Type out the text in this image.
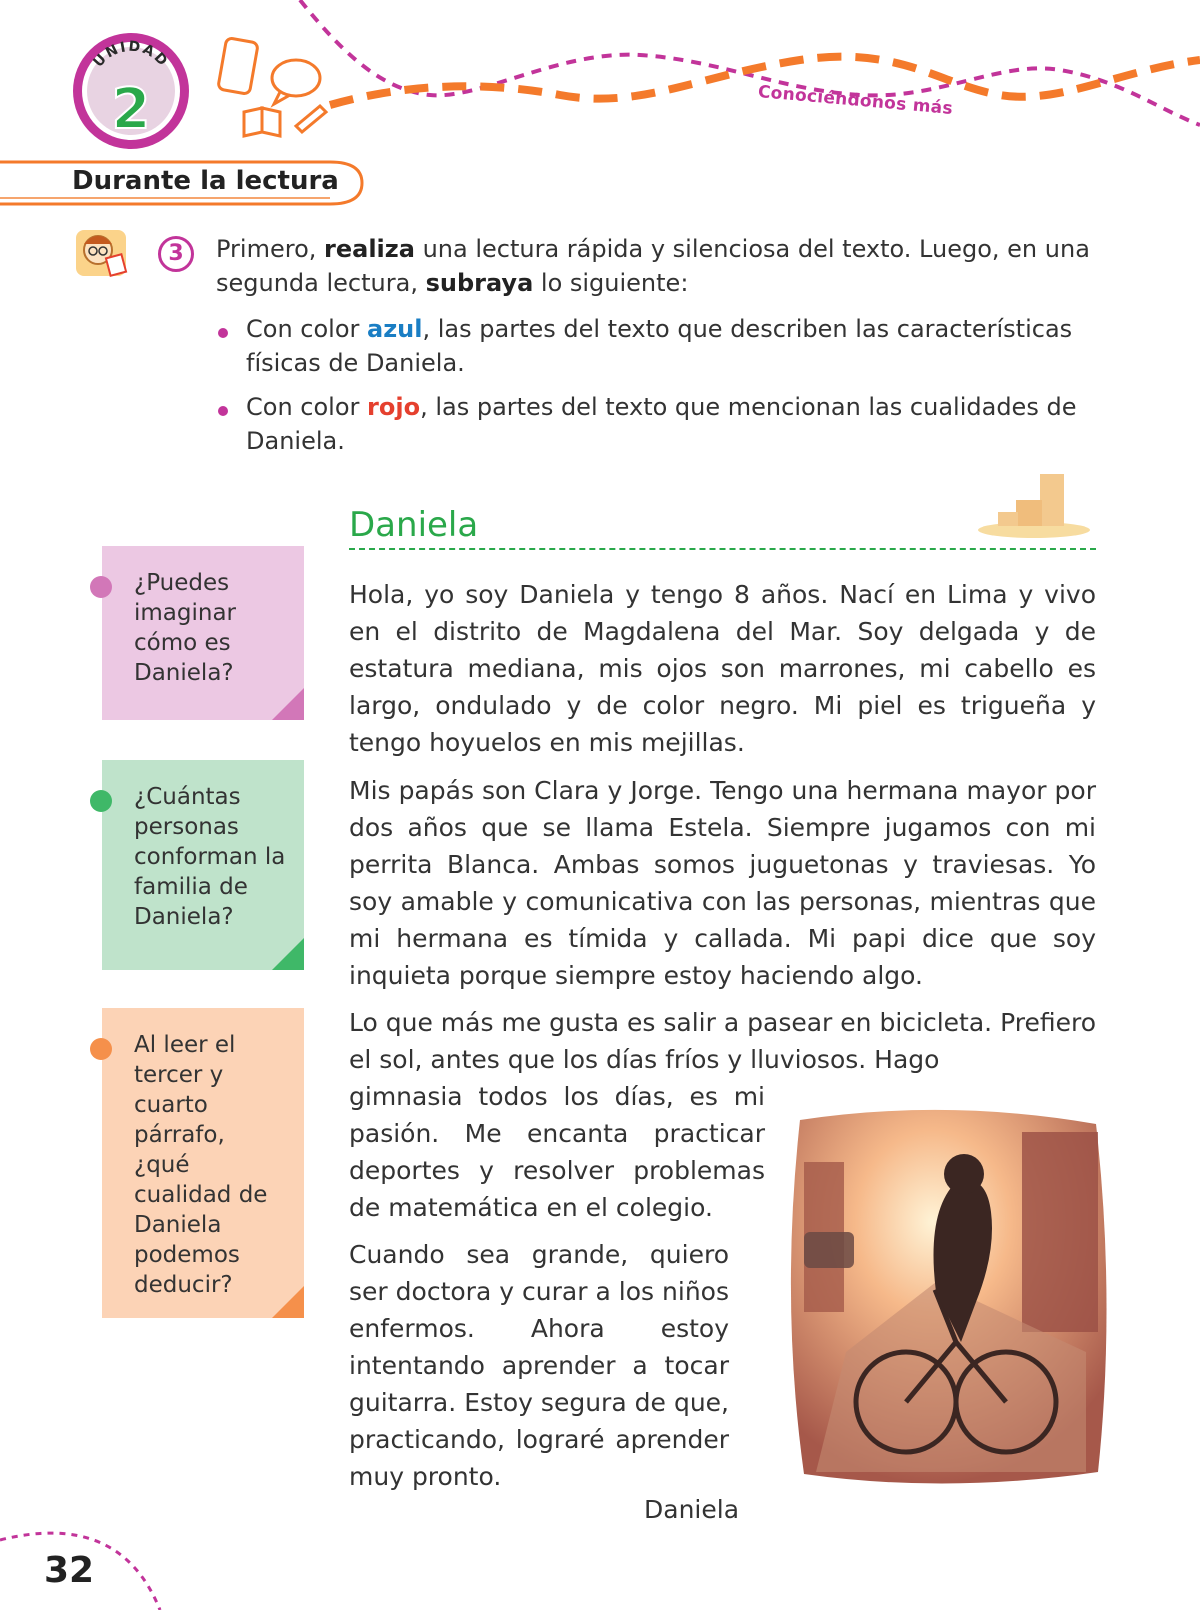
UNIDAD
2	Conociéndonos más
Durante la lectura
3	Primero, realiza una lectura rápida y silenciosa del texto. Luego, en una segunda lectura, subraya lo siguiente:
Con color azul, las partes del texto que describen las características físicas de Daniela.
Con color rojo, las partes del texto que mencionan las cualidades de Daniela.
Daniela

Hola, yo soy Daniela y tengo 8 años. Nací en Lima y vivo en el distrito de Magdalena del Mar. Soy delgada y de estatura mediana, mis ojos son marrones, mi cabello es largo, ondulado y de color negro. Mi piel es trigueña y tengo hoyuelos en mis mejillas.

Mis papás son Clara y Jorge. Tengo una hermana mayor por dos años que se llama Estela. Siempre jugamos con mi perrita Blanca. Ambas somos juguetonas y traviesas. Yo soy amable y comunicativa con las personas, mientras que mi hermana es tímida y callada. Mi papi dice que soy inquieta porque siempre estoy haciendo algo.

Lo que más me gusta es salir a pasear en bicicleta. Prefiero el sol, antes que los días fríos y lluviosos. Hago

gimnasia todos los días, es mi pasión. Me encanta practicar deportes y resolver problemas de matemática en el colegio.

Cuando sea grande, quiero ser doctora y curar a los niños enfermos. Ahora estoy intentando aprender a tocar guitarra. Estoy segura de que, practicando, lograré aprender muy pronto.

Daniela
¿Puedes imaginar cómo es Daniela?
¿Cuántas personas conforman la familia de Daniela?
Al leer el tercer y cuarto párrafo, ¿qué cualidad de Daniela podemos deducir?
32
